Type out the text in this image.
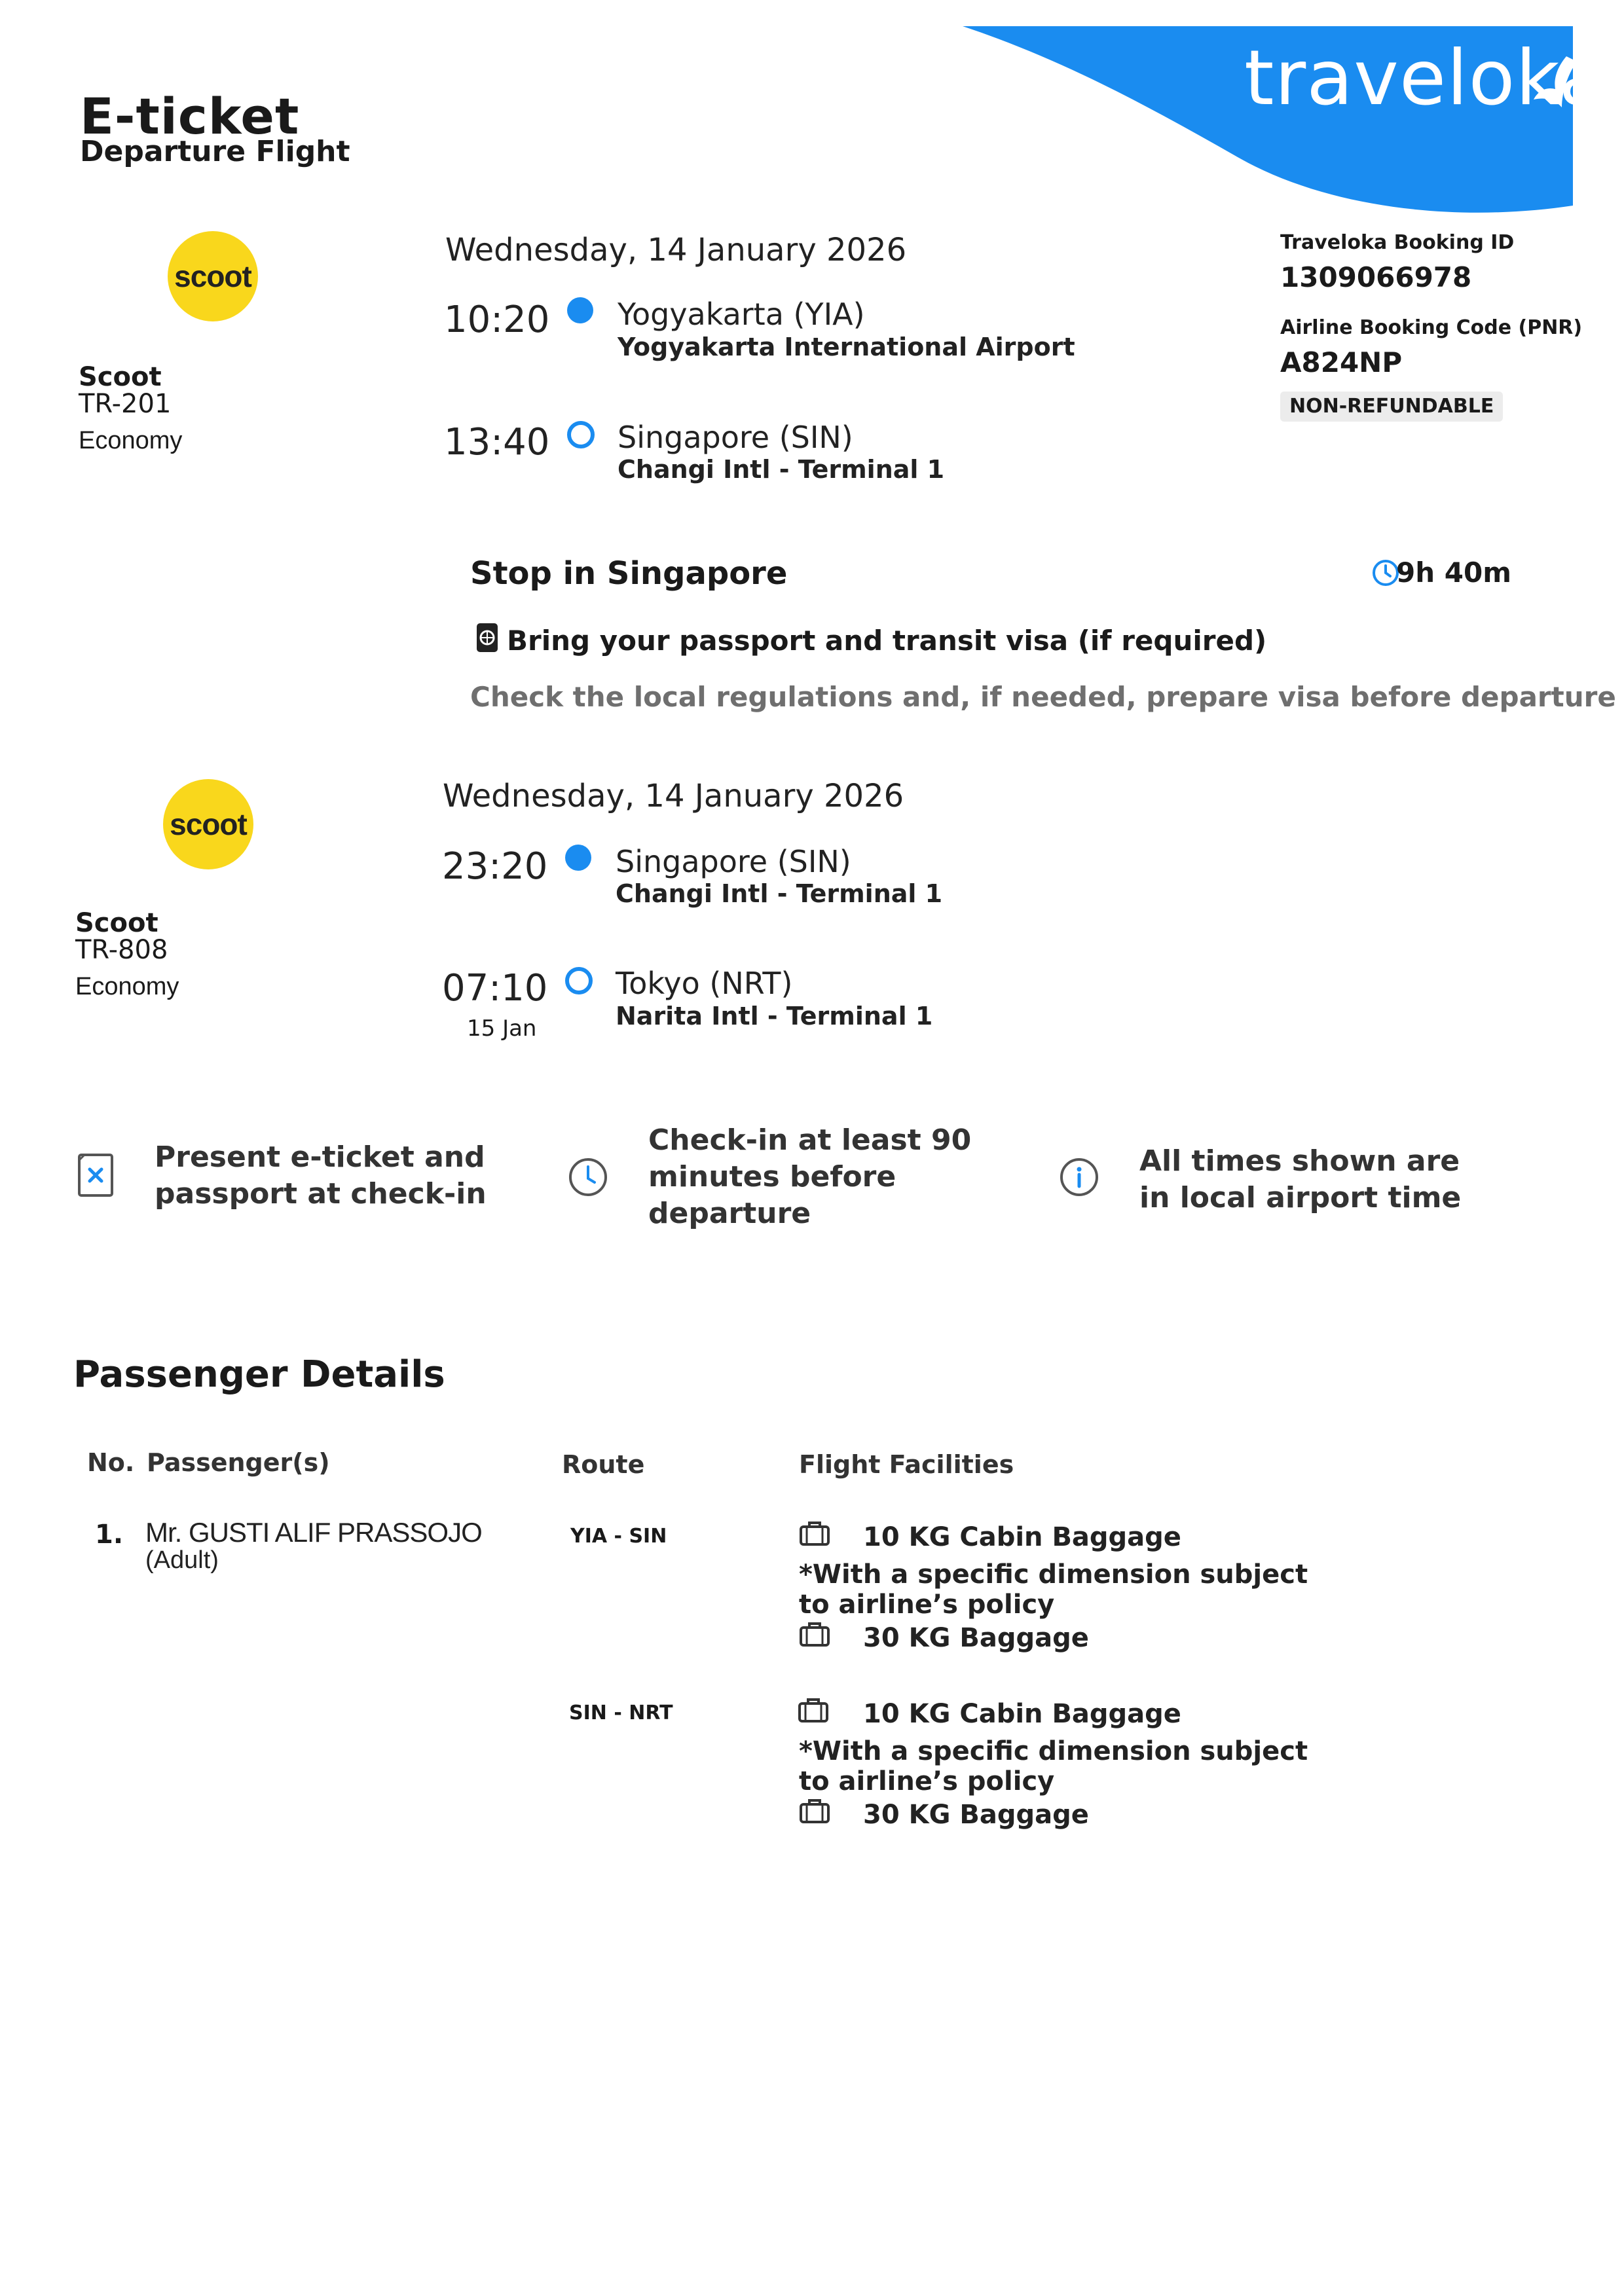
E-ticket
Departure Flight
traveloka
Traveloka Booking ID
1309066978
Airline Booking Code (PNR)
A824NP
NON-REFUNDABLE
scoot
Scoot
TR-201
Economy
Wednesday, 14 January 2026
10:20 Yogyakarta (YIA)
Yogyakarta International Airport
13:40 Singapore (SIN)
Changi Intl - Terminal 1
Stop in Singapore	9h 40m
Bring your passport and transit visa (if required)
Check the local regulations and, if needed, prepare visa before departure
scoot
Scoot
TR-808
Economy
Wednesday, 14 January 2026
23:20 Singapore (SIN)
Changi Intl - Terminal 1
07:10
15 Jan
Tokyo (NRT)
Narita Intl - Terminal 1
Present e-ticket and passport at check-in
Check-in at least 90 minutes before departure
All times shown are in local airport time
Passenger Details
No. Passenger(s)	Route	Flight Facilities
1. Mr. GUSTI ALIF PRASSOJO
(Adult)
YIA - SIN	10 KG Cabin Baggage
*With a specific dimension subject to airline’s policy
30 KG Baggage
SIN - NRT	10 KG Cabin Baggage
*With a specific dimension subject to airline’s policy
30 KG Baggage
